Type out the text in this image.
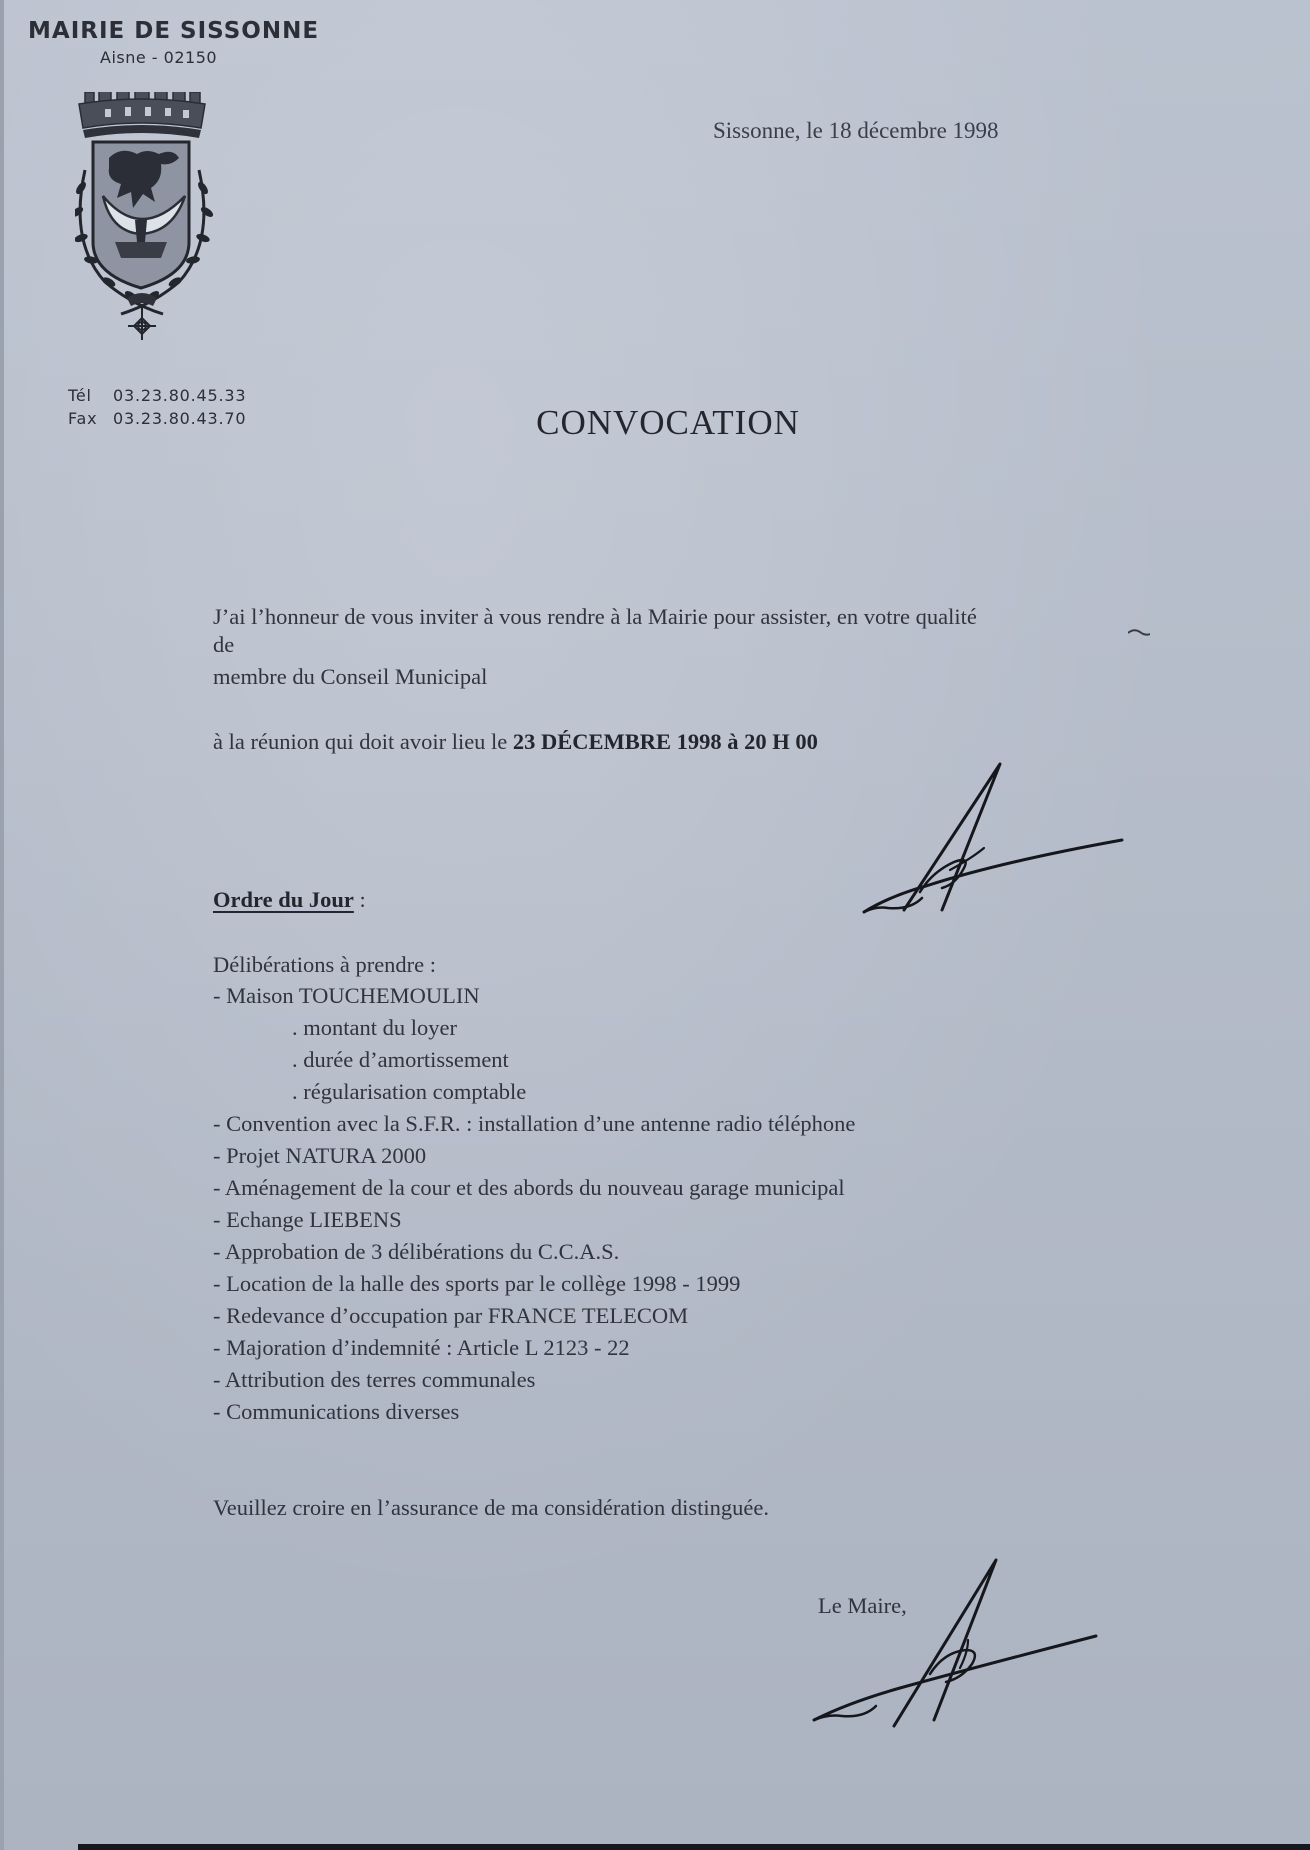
MAIRIE DE SISSONNE
Aisne - 02150
Tél 03.23.80.45.33
Fax 03.23.80.43.70
Sissonne, le 18 décembre 1998
CONVOCATION
J’ai l’honneur de vous inviter à vous rendre à la Mairie pour assister, en votre qualité
de
membre du Conseil Municipal
à la réunion qui doit avoir lieu le 23 DÉCEMBRE 1998 à 20 H 00
Ordre du Jour :
Délibérations à prendre :
- Maison TOUCHEMOULIN
. montant du loyer
. durée d’amortissement
. régularisation comptable
- Convention avec la S.F.R. : installation d’une antenne radio téléphone
- Projet NATURA 2000
- Aménagement de la cour et des abords du nouveau garage municipal
- Echange LIEBENS
- Approbation de 3 délibérations du C.C.A.S.
- Location de la halle des sports par le collège 1998 - 1999
- Redevance d’occupation par FRANCE TELECOM
- Majoration d’indemnité : Article L 2123 - 22
- Attribution des terres communales
- Communications diverses
Veuillez croire en l’assurance de ma considération distinguée.
Le Maire,
